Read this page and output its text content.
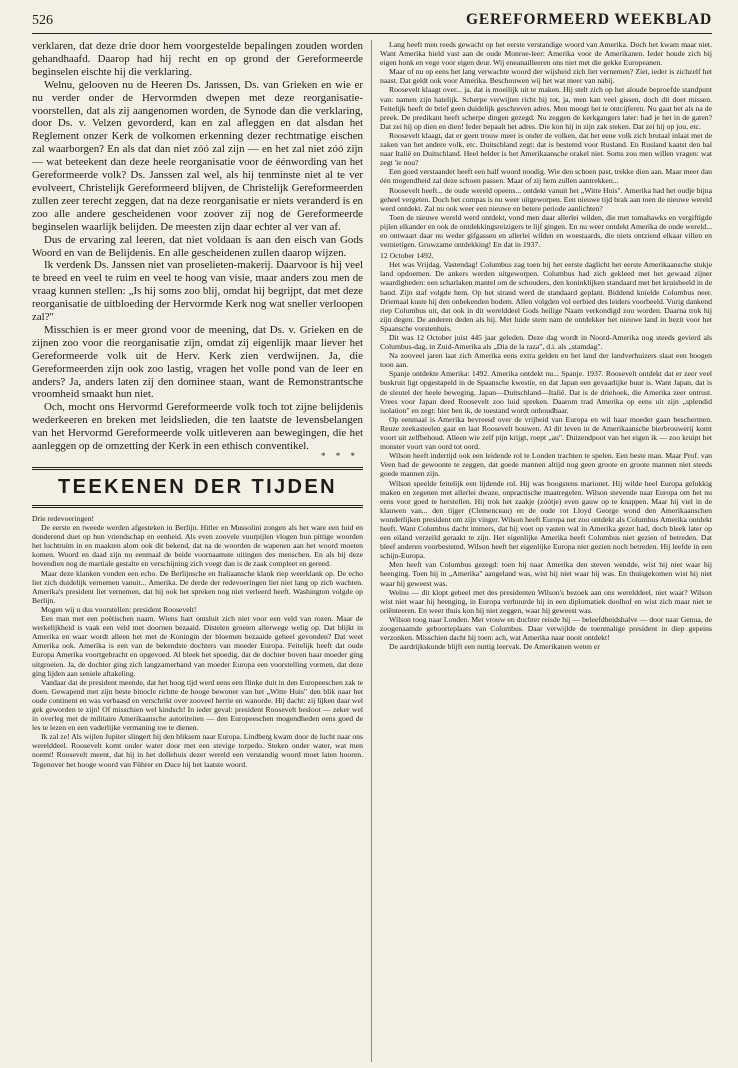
526	GEREFORMEERD WEEKBLAD

verklaren, dat deze drie door hem voorgestelde bepalingen zouden worden gehandhaafd. Daarop had hij recht en op grond der Gereformeerde beginselen eischte hij die verklaring.

Welnu, gelooven nu de Heeren Ds. Janssen, Ds. van Grieken en wie er nu verder onder de Hervormden dwepen met deze reorganisatie-voorstellen, dat als zij aangenomen worden, de Synode dan die verklaring, door Ds. v. Velzen gevorderd, kan en zal afleggen en dat alsdan het Reglement onzer Kerk de volkomen erkenning dezer rechtmatige eischen zal waarborgen? En als dat dan niet zóó zal zijn — en het zal niet zóó zijn — wat beteekent dan deze heele reorganisatie voor de éénwording van het Gereformeerde volk? Ds. Janssen zal wel, als hij tenminste niet al te ver evolveert, Christelijk Gereformeerd blijven, de Christelijk Gereformeerden zullen zeer terecht zeggen, dat na deze reorganisatie er niets veranderd is en zoo alle andere gescheidenen voor zoover zij nog de Gereformeerde beginselen waarlijk belijden. De meesten zijn daar echter al ver van af.

Dus de ervaring zal leeren, dat niet voldaan is aan den eisch van Gods Woord en van de Belijdenis. En alle gescheidenen zullen daarop wijzen.

Ik verdenk Ds. Janssen niet van proselieten-makerij. Daarvoor is hij veel te breed en veel te ruim en veel te hoog van visie, maar anders zou men de vraag kunnen stellen: „Is hij soms zoo blij, omdat hij begrijpt, dat met deze reorganisatie de uitbloeding der Hervormde Kerk nog wat sneller verloopen zal?"

Misschien is er meer grond voor de meening, dat Ds. v. Grieken en de zijnen zoo voor die reorganisatie zijn, omdat zij eigenlijk maar liever het Gereformeerde volk uit de Herv. Kerk zien verdwijnen. Ja, die Gereformeerden zijn ook zoo lastig, vragen het volle pond van de leer en anders? Ja, anders laten zij den dominee staan, want de Remonstrantsche vroomheid smaakt hun niet.

Och, mocht ons Hervormd Gereformeerde volk toch tot zijne belijdenis wederkeeren en breken met leidslieden, die ten laatste de levensbelangen van het Hervormd Gereformeerde volk uitleveren aan bewegingen, die het aanleggen op de omzetting der Kerk in een ethisch conventikel.

* * *
TEEKENEN DER TIJDEN

Drie redevoeringen!

De eerste en tweede werden afgesteken in Berlijn. Hitler en Mussolini zongen als het ware een luid en donderend duet op hun vriendschap en eenheid. Als even zoovele vuurpijlen vlogen hun pittige woorden het luchtruim in en maakten alom ook dit bekend, dat na de woorden de wapenen aan het woord moeten komen. Woord en daad zijn nu eenmaal de beide voornaamste uitingen des menschen. En als bij deze bovendien nog de martiale gestalte en verschijning zich voegt dan is de zaak compleet en gereed.

Maar deze klanken vonden een echo. De Berlijnsche en Italiaansche klank riep weerklank op. De echo liet zich duidelijk vernemen vanuit... Amerika. De derde der redevoeringen liet niet lang op zich wachten. Amerika's president liet vernemen, dat hij ook het spreken nog niet verleerd heeft. Washington volgde op Berlijn.

Mogen wij u dus voorstellen: president Roosevelt!

Een man met een poëtischen naam. Wiens hart ontsluit zich niet voor een veld van rozen. Maar de werkelijkheid is vaak een veld met doornen bezaaid. Distelen groeien allerwege welig op. Dat blijkt in Amerika en waar wordt alleen het met de Koningin der bloemen bezaaide geheel gevonden? Dat weet Amerika ook. Amerika is een van de bekendste dochters van moeder Europa. Feitelijk heeft dat oude Europa Amerika voortgebracht en opgevoed. Al bleek het spoedig, dat de dochter boven haar moeder ging uitgroeien. Ja, de dochter ging zich langzamerhand van moeder Europa een voorstelling vormen, dat deze ging lijden aan seniele aftakeling.

Vandaar dat de president meende, dat het hoog tijd werd eens een flinke duit in den Europeeschen zak te doen. Gewapend met zijn beste binocle richtte de hooge bewoner van het „Witte Huis" den blik naar het oude continent en was verbaasd en verschrikt over zooveel herrie en wanorde. Hij dacht: zij lijken daar wel gek geworden te zijn! Of misschien wel kindsch! In ieder geval: president Roosevelt besloot — zeker wel in overleg met de militaire Amerikaansche autoriteiten — den Europeeschen mogendheden eens goed de les te lezen en een vaderlijke vermaning toe te dienen.

Ik zal ze! Als wijlen Jupiter slingert hij den bliksem naar Europa. Lindberg kwam door de lucht naar ons werelddeel. Roosevelt komt onder water door met een stevige torpedo. Steken onder water, wat men noemt! Roosevelt meent, dat hij in het dollehuis dezer wereld een verstandig woord moet laten hooren. Tegenover het hooge woord van Führer en Duce hij het laatste woord.

Lang heeft men reeds gewacht op het eerste verstandige woord van Amerika. Doch het kwam maar niet. Want Amerika hield vast aan de oude Monroe-leer: Amerika voor de Amerikanen. Ieder houde zich bij eigen honk en vege voor eigen deur. Wij eneanailleeren ons niet met die gekke Europeanen.

Maar of nu op eens het lang verwachte woord der wijsheid zich liet vernemen? Ziet, ieder is zichzelf het naast. Dat geldt ook voor Amerika. Beschouwen wij het wat meer van nabij.

Roosevelt klaagt over... ja, dat is moeilijk uit te maken. Hij stelt zich op het aloude beproefde standpunt van: namen zijn hatelijk. Scherpe verwijten richt hij tot, ja, men kan veel gissen, doch dit doet missen. Feitelijk heeft de brief geen duidelijk geschreven adres. Men moogt het te ontcijferen. Nu gaat het als na de preek. De predikant heeft scherpe dingen gezegd. Nu zeggen de kerkgangers later: had je het in de gaten? Dat zei hij op dien en dien! Ieder bepaalt het adres. Die kon hij in zijn zak steken. Dat zei hij op jou, etc.

Roosevelt klaagt, dat er geen trouw meer is onder de volken, dat het eene volk zich brutaal inlaat met de zaken van het andere volk, etc. Duitschland zegt: dat is bestemd voor Rusland. En Rusland kaatst den bal naar Italië en Duitschland. Heel helder is het Amerikaansche orakel niet. Soms zou men willen vragen: wat zegt 'ie nou?

Een goed verstaander heeft een half woord noodig. Wie den schoen past, trekke dien aan. Maar meer dan één mogendheid zal deze schoen passen. Maar of zij hem zullen aantrekken...

Roosevelt heeft... de oude wereld opeens... ontdekt vanuit het „Witte Huis". Amerika had het oudje bijna geheel vergeten. Doch het compas is nu weer uitgeworpen. Een nieuwe tijd brak aan toen de nieuwe wereld werd ontdekt. Zal nu ook weer een nieuwe en betere periode aanlichten?

Toen de nieuwe wereld werd ontdekt, vond men daar allerlei wilden, die met tomahawks en vergiftigde pijlen elkander en ook de ontdekkingsreizigers te lijf gingen. En nu weer ontdekt Amerika de oude wereld... en ontwaart daar nu weder gifgassen en allerlei wilden en woestaards, die niets ontziend elkaar villen en vernietigen. Gruwzame ontdekking! En dat in 1937.

12 October 1492.

Het was Vrijdag. Vastendag! Columbus zag toen bij het eerste daglicht het eerste Amerikaansche stukje land opdoemen. De ankers werden uitgeworpen. Columbus had zich gekleed met het gewaad zijner waardigheden: een scharlaken mantel om de schouders, den koninklijken standaard met het kruisbeeld in de hand. Zijn staf volgde hem. Op het strand werd de standaard geplant. Biddend knielde Columbus neer. Driemaal kuste hij den onbekenden bodem. Allen volgden vol eerbied des leiders voorbeeld. Vurig dankend riep Columbus uit, dat ook in dit werelddeel Gods heilige Naam verkondigd zou worden. Daarna trok hij zijn degen. De anderen deden als hij. Met luide stem nam de ontdekker het nieuwe land in bezit voor het Spaansche vorstenhuis.

Dit was 12 October juist 445 jaar geleden. Deze dag wordt in Noord-Amerika nog steeds gevierd als Columbus-dag, in Zuid-Amerika als „Dia de la raza", d.i. als „stamdag".

Na zooveel jaren laat zich Amerika eens extra gelden en het land der landverhuizers slaat een hoogen toon aan.

Spanje ontdekte Amerika: 1492. Amerika ontdekt nu... Spanje. 1937. Roosevelt ontdekt dat er zeer veel buskruit ligt opgestapeld in de Spaansche kwestie, en dat Japan een gevaarlijke buur is. Want Japan, dat is de sleutel der heele beweging. Japan—Duitschland—Italië. Dat is de driehoek, die Amerika zeer ontrust. Vrees voor Japan deed Roosevelt zoo luid spreken. Daarom trad Amerika op eens uit zijn „splendid isolation" en zegt: hier ben ik, de toestand wordt onhoudbaar.

Op eenmaal is Amerika bevreesd over de vrijheid van Europa en wil haar moeder gaan beschermen. Reuze zeekasteelen gaat en laat Roosevelt bouwen. Al dit leven in de Amerikaansche bierbrouwerij komt voort uit zelfbehoud. Alleen wie zelf pijn krijgt, roept „au". Duizendpoot van het eigen ik — zoo kruipt het monster voort van oord tot oord.

Wilson heeft indertijd ook een leidende rol te Londen trachten te spelen. Een beste man. Maar Prof. van Veen had de gewoonte te zeggen, dat goede mannen altijd nog geen groote en groote mannen niet steeds goede mannen zijn.

Wilson speelde feitelijk een lijdende rol. Hij was hoogstens marionet. Hij wilde heel Europa gelukkig maken en zegenen met allerlei dwaze, onpractische maatregelen. Wilson stevende naar Europa om het nu eens voor goed te herstellen. Hij trok het zaakje (zóótje) even gauw op te knappen. Maar hij viel in de klauwen van... den tijger (Clemenceau) en de oude rot Lloyd George wond den Amerikaanschen wonderlijken president om zijn vinger. Wilson heeft Europa net zoo ontdekt als Columbus Amerika ontdekt heeft. Want Columbus dacht immers, dat hij voet op vasten wal in Amerika gezet had, doch bleek later op een eiland verzeild geraakt te zijn. Het eigenlijke Amerika heeft Columbus niet gezien of betreden. Dat bleef anderen voorbestemd. Wilson heeft het eigenlijke Europa niet gezien noch betreden. Hij leefde in een schijn-Europa.

Men heeft van Columbus gezegd: toen hij naar Amerika den steven wendde, wist hij niet waar hij heenging. Toen hij in „Amerika" aangeland was, wist hij niet waar hij was. En thuisgekomen wist hij niet waar hij geweest was.

Welnu — dit klopt geheel met des presidenten Wilson's bezoek aan ons werelddeel, niet waar? Wilson wist niet waar hij heenging, in Europa verhuurde hij in een diplomatiek doolhof en wist zich maar niet te oriënteeren. En weer thuis kon hij niet zeggen, waar hij geweest was.

Wilson toog naar Londen. Met vrouw en dochter reisde hij — beleefdheidshalve — door naar Genua, de zoogenaamde geboorteplaats van Columbus. Daar verwijlde de toenmalige president in diep gepeins verzonken. Misschien dacht hij toen: ach, wat Amerika naar nooit ontdekt!

De aardrijkskunde blijft een nuttig leervak. De Amerikanen weten er
